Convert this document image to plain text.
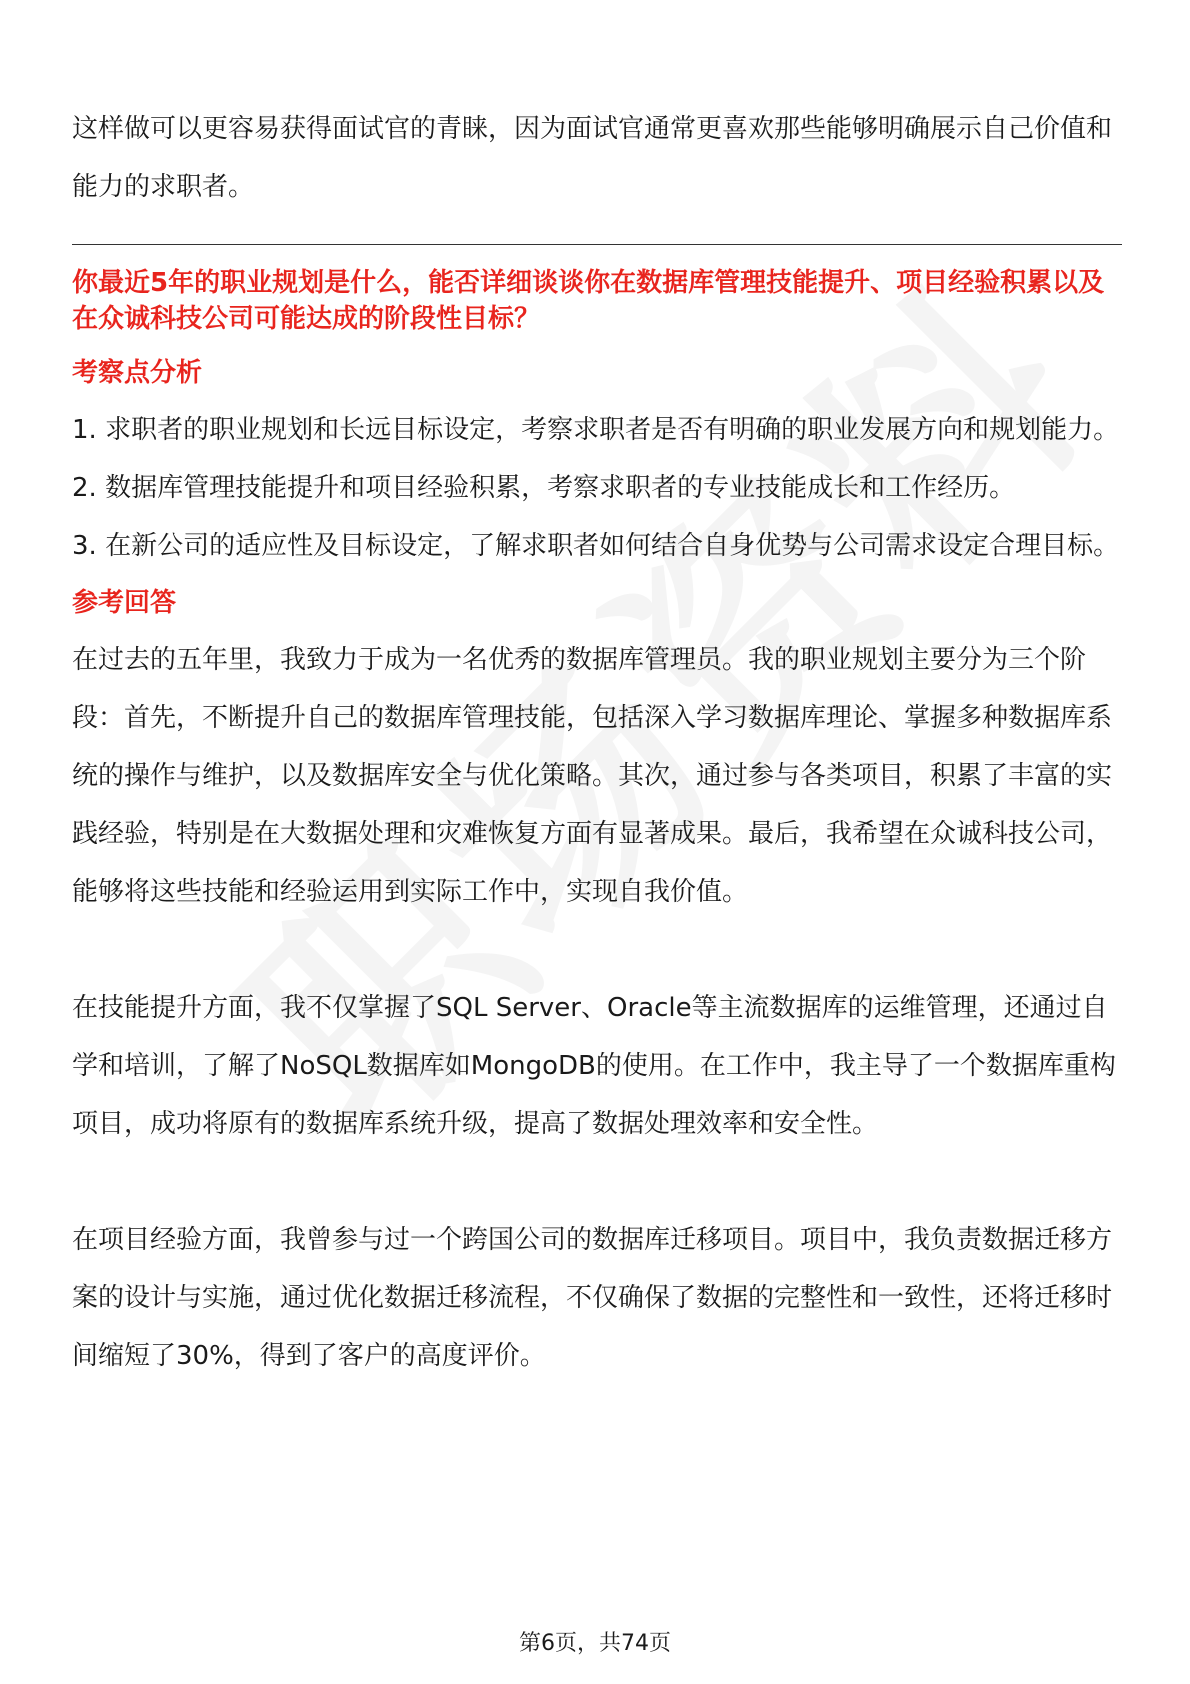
这样做可以更容易获得面试官的青睐，因为面试官通常更喜欢那些能够明确展示自己价值和能力的求职者。

你最近5年的职业规划是什么，能否详细谈谈你在数据库管理技能提升、项目经验积累以及在众诚科技公司可能达成的阶段性目标？

考察点分析

1. 求职者的职业规划和长远目标设定，考察求职者是否有明确的职业发展方向和规划能力。

2. 数据库管理技能提升和项目经验积累，考察求职者的专业技能成长和工作经历。

3. 在新公司的适应性及目标设定，了解求职者如何结合自身优势与公司需求设定合理目标。

参考回答

在过去的五年里，我致力于成为一名优秀的数据库管理员。我的职业规划主要分为三个阶段：首先，不断提升自己的数据库管理技能，包括深入学习数据库理论、掌握多种数据库系统的操作与维护，以及数据库安全与优化策略。其次，通过参与各类项目，积累了丰富的实践经验，特别是在大数据处理和灾难恢复方面有显著成果。最后，我希望在众诚科技公司，能够将这些技能和经验运用到实际工作中，实现自我价值。

在技能提升方面，我不仅掌握了SQL Server、Oracle等主流数据库的运维管理，还通过自学和培训，了解了NoSQL数据库如MongoDB的使用。在工作中，我主导了一个数据库重构项目，成功将原有的数据库系统升级，提高了数据处理效率和安全性。

在项目经验方面，我曾参与过一个跨国公司的数据库迁移项目。项目中，我负责数据迁移方案的设计与实施，通过优化数据迁移流程，不仅确保了数据的完整性和一致性，还将迁移时间缩短了30%，得到了客户的高度评价。

第6页，共74页
